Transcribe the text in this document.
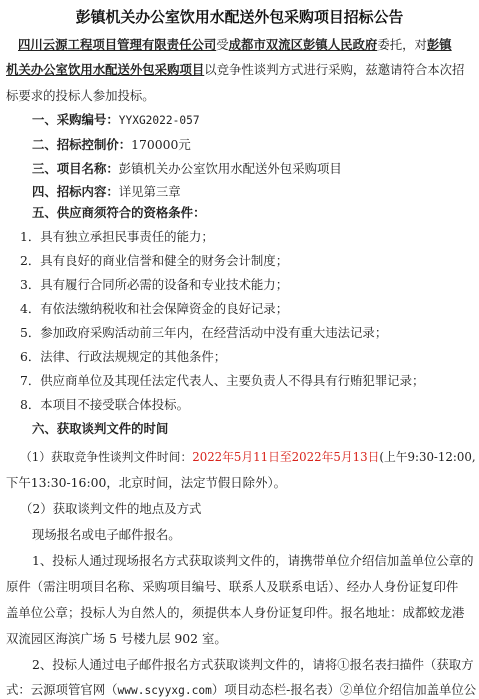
彭镇机关办公室饮用水配送外包采购项目招标公告
四川云源工程项目管理有限责任公司受成都市双流区彭镇人民政府委托，对彭镇
机关办公室饮用水配送外包采购项目以竞争性谈判方式进行采购，兹邀请符合本次招
标要求的投标人参加投标。
一、采购编号：YYXG2022-057
二、招标控制价：170000元
三、项目名称：彭镇机关办公室饮用水配送外包采购项目
四、招标内容：详见第三章
五、供应商须符合的资格条件：
1．具有独立承担民事责任的能力；
2．具有良好的商业信誉和健全的财务会计制度；
3．具有履行合同所必需的设备和专业技术能力；
4．有依法缴纳税收和社会保障资金的良好记录；
5．参加政府采购活动前三年内，在经营活动中没有重大违法记录；
6．法律、行政法规规定的其他条件；
7．供应商单位及其现任法定代表人、主要负责人不得具有行贿犯罪记录；
8．本项目不接受联合体投标。
六、获取谈判文件的时间
（1）获取竞争性谈判文件时间：2022年5月11日至2022年5月13日(上午9:30-12:00,
下午13:30-16:00，北京时间，法定节假日除外）。
（2）获取谈判文件的地点及方式
现场报名或电子邮件报名。
1、投标人通过现场报名方式获取谈判文件的，请携带单位介绍信加盖单位公章的
原件（需注明项目名称、采购项目编号、联系人及联系电话）、经办人身份证复印件
盖单位公章；投标人为自然人的，须提供本人身份证复印件。报名地址：成都蛟龙港
双流园区海滨广场 5 号楼九层 902 室。
2、投标人通过电子邮件报名方式获取谈判文件的，请将①报名表扫描件（获取方
式：云源项管官网（www.scyyxg.com）项目动态栏-报名表）②单位介绍信加盖单位公
